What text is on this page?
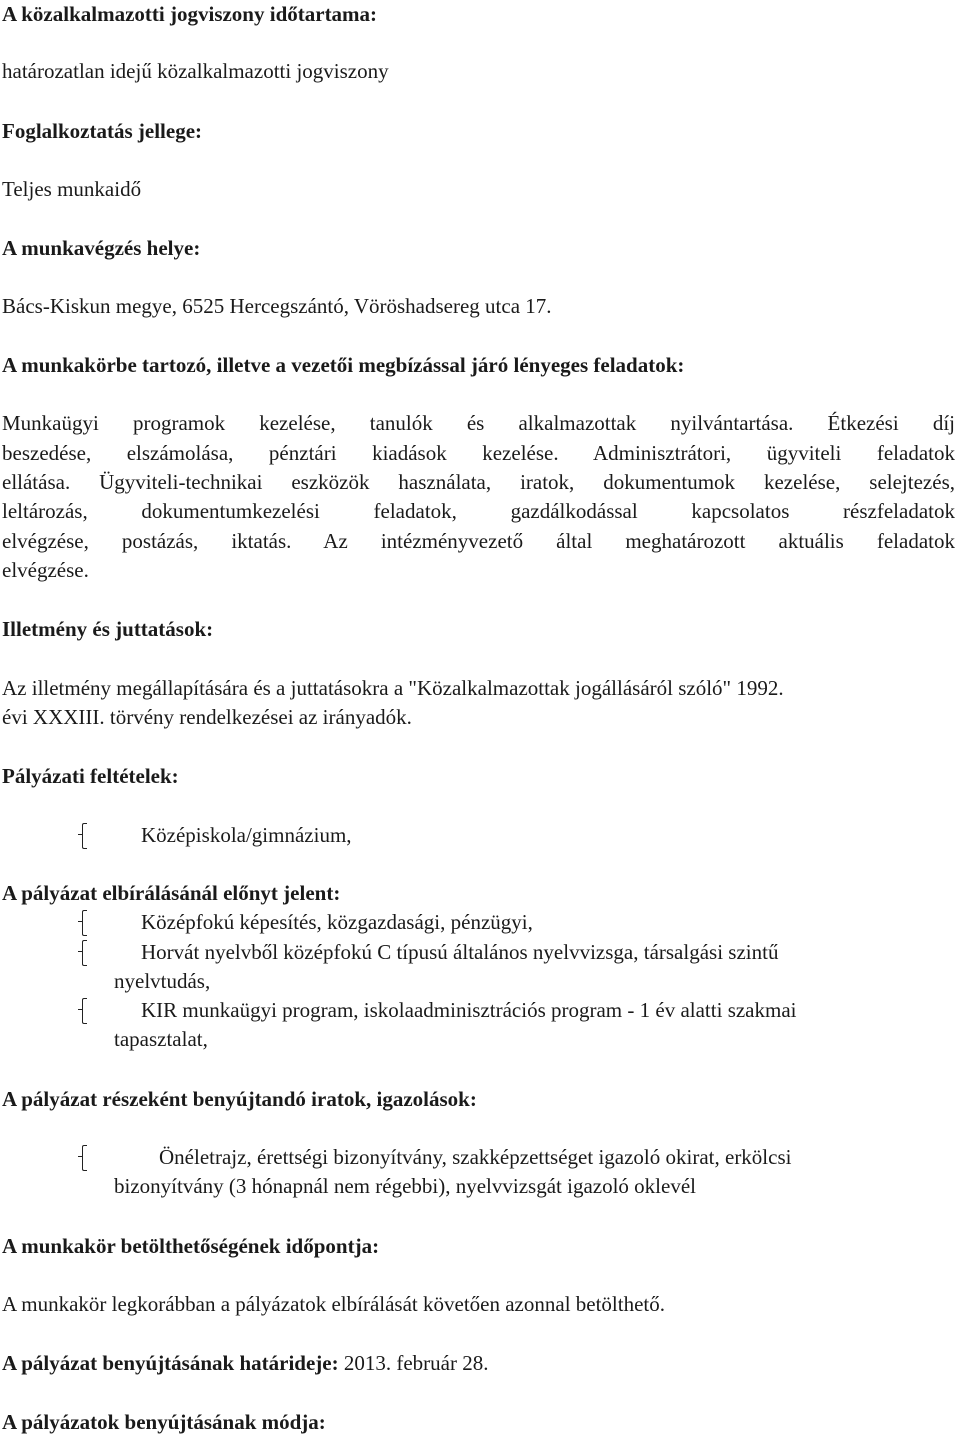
A közalkalmazotti jogviszony időtartama:
határozatlan idejű közalkalmazotti jogviszony
Foglalkoztatás jellege:
Teljes munkaidő
A munkavégzés helye:
Bács-Kiskun megye, 6525 Hercegszántó, Vöröshadsereg utca 17.
A munkakörbe tartozó, illetve a vezetői megbízással járó lényeges feladatok:
Munkaügyi programok kezelése, tanulók és alkalmazottak nyilvántartása. Étkezési díj
beszedése, elszámolása, pénztári kiadások kezelése. Adminisztrátori, ügyviteli feladatok
ellátása. Ügyviteli-technikai eszközök használata, iratok, dokumentumok kezelése, selejtezés,
leltározás, dokumentumkezelési feladatok, gazdálkodással kapcsolatos részfeladatok
elvégzése, postázás, iktatás. Az intézményvezető által meghatározott aktuális feladatok
elvégzése.
Illetmény és juttatások:
Az illetmény megállapítására és a juttatásokra a "Közalkalmazottak jogállásáról szóló" 1992.
évi XXXIII. törvény rendelkezései az irányadók.
Pályázati feltételek:
Középiskola/gimnázium,
A pályázat elbírálásánál előnyt jelent:
Középfokú képesítés, közgazdasági, pénzügyi,
Horvát nyelvből középfokú C típusú általános nyelvvizsga, társalgási szintű
nyelvtudás,
KIR munkaügyi program, iskolaadminisztrációs program - 1 év alatti szakmai
tapasztalat,
A pályázat részeként benyújtandó iratok, igazolások:
Önéletrajz, érettségi bizonyítvány, szakképzettséget igazoló okirat, erkölcsi
bizonyítvány (3 hónapnál nem régebbi), nyelvvizsgát igazoló oklevél
A munkakör betölthetőségének időpontja:
A munkakör legkorábban a pályázatok elbírálását követően azonnal betölthető.
A pályázat benyújtásának határideje: 2013. február 28.
A pályázatok benyújtásának módja:
